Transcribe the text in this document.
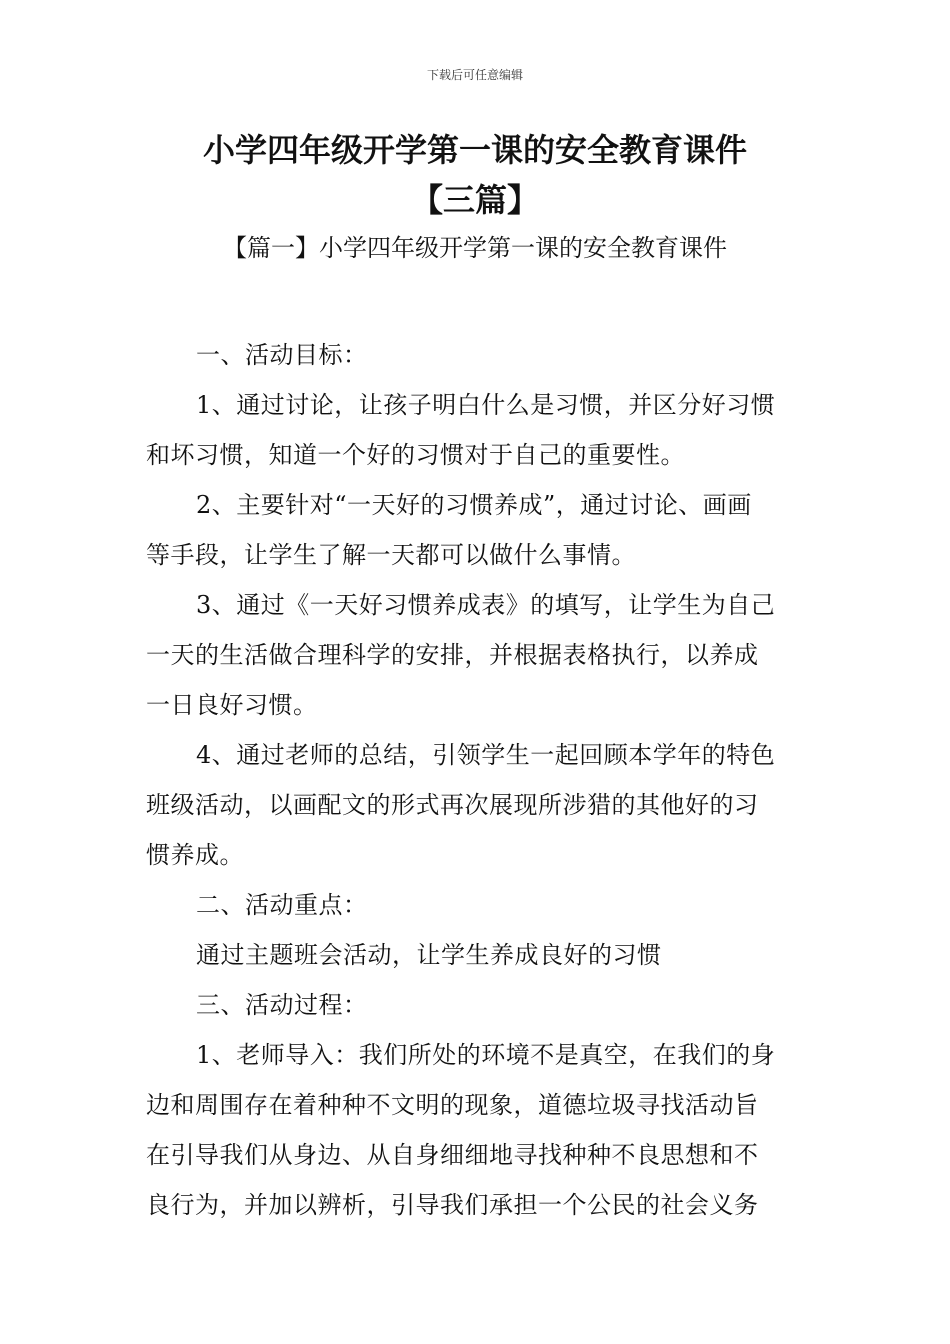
下载后可任意编辑
小学四年级开学第一课的安全教育课件
【三篇】
【篇一】小学四年级开学第一课的安全教育课件
一、活动目标：
1、通过讨论，让孩子明白什么是习惯，并区分好习惯
和坏习惯，知道一个好的习惯对于自己的重要性。
2、主要针对“一天好的习惯养成”，通过讨论、画画
等手段，让学生了解一天都可以做什么事情。
3、通过《一天好习惯养成表》的填写，让学生为自己
一天的生活做合理科学的安排，并根据表格执行，以养成
一日良好习惯。
4、通过老师的总结，引领学生一起回顾本学年的特色
班级活动，以画配文的形式再次展现所涉猎的其他好的习
惯养成。
二、活动重点：
通过主题班会活动，让学生养成良好的习惯
三、活动过程：
1、老师导入：我们所处的环境不是真空，在我们的身
边和周围存在着种种不文明的现象，道德垃圾寻找活动旨
在引导我们从身边、从自身细细地寻找种种不良思想和不
良行为，并加以辨析，引导我们承担一个公民的社会义务
